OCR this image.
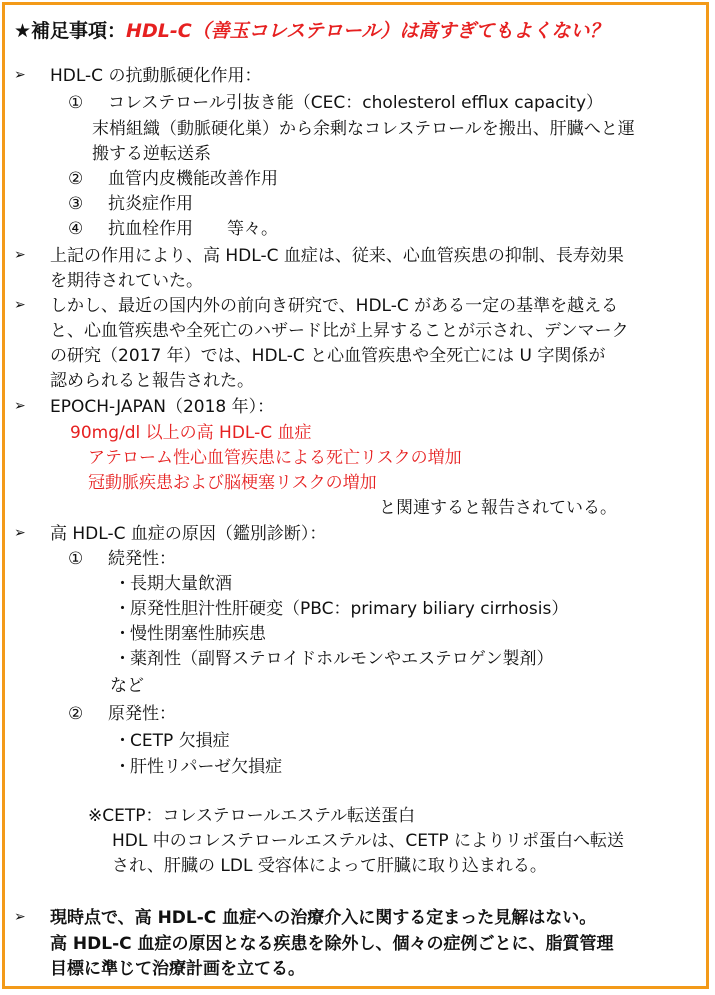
★補足事項：HDL-C（善玉コレステロール）は高すぎてもよくない？
➢ HDL-C の抗動脈硬化作用：
① コレステロール引抜き能（CEC：cholesterol efflux capacity）
末梢組織（動脈硬化巣）から余剰なコレステロールを搬出、肝臓へと運
搬する逆転送系
② 血管内皮機能改善作用
③ 抗炎症作用
④ 抗血栓作用　　等々。
➢ 上記の作用により、高 HDL-C 血症は、従来、心血管疾患の抑制、長寿効果
を期待されていた。
➢ しかし、最近の国内外の前向き研究で、HDL-C がある一定の基準を越える
と、心血管疾患や全死亡のハザード比が上昇することが示され、デンマーク
の研究（2017 年）では、HDL-C と心血管疾患や全死亡には U 字関係が
認められると報告された。
➢ EPOCH-JAPAN（2018 年）：
90mg/dl 以上の高 HDL-C 血症
アテローム性心血管疾患による死亡リスクの増加
冠動脈疾患および脳梗塞リスクの増加
と関連すると報告されている。
➢ 高 HDL-C 血症の原因（鑑別診断）：
① 続発性：
・ 長期大量飲酒
・ 原発性胆汁性肝硬変（PBC：primary biliary cirrhosis）
・ 慢性閉塞性肺疾患
・ 薬剤性（副腎ステロイドホルモンやエステロゲン製剤）
など
② 原発性：
・ CETP 欠損症
・ 肝性リパーゼ欠損症
※CETP：コレステロールエステル転送蛋白
HDL 中のコレステロールエステルは、CETP によりリポ蛋白へ転送
され、肝臓の LDL 受容体によって肝臓に取り込まれる。
➢ 現時点で、高 HDL-C 血症への治療介入に関する定まった見解はない。
高 HDL-C 血症の原因となる疾患を除外し、個々の症例ごとに、脂質管理
目標に準じて治療計画を立てる。
